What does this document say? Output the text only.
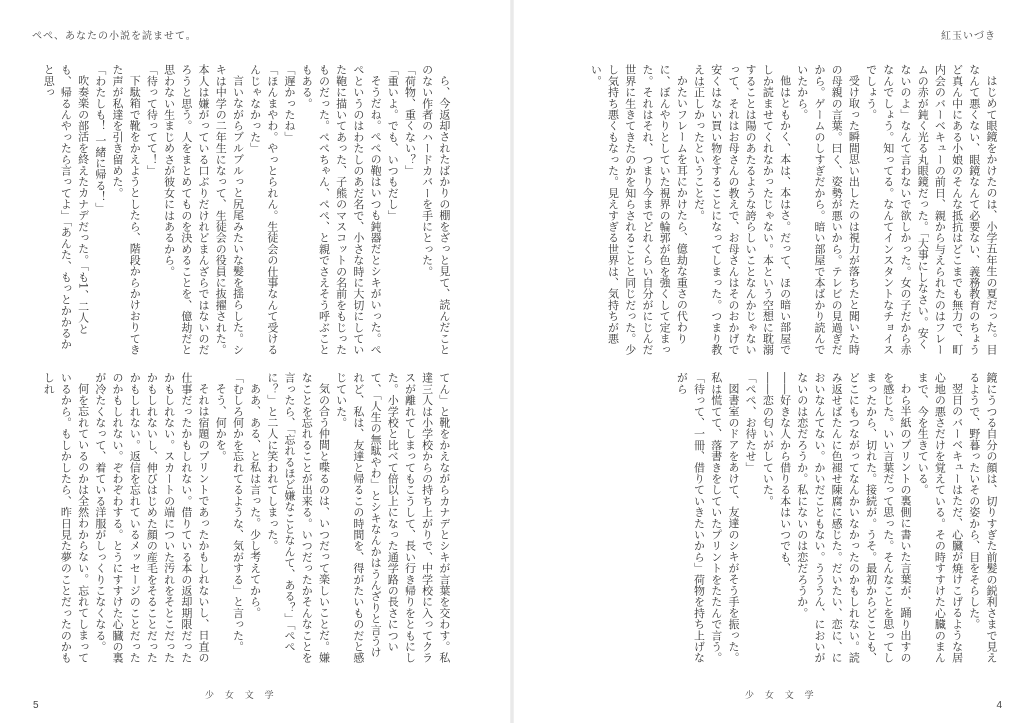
ぺぺ、あなたの小説を読ませて。

ら、今返却されたばかりの棚をざっと見て、読んだことのない作者のハードカバーを手にとった。

「荷物、重くない？」

「重いよ。でも、いつもだし」

そうだね。ぺぺの鞄はいつも鈍器だとシキがいった。ぺぺというのはわたしのあだ名で、小さな時に大切にしていた鞄に描いてあった、子熊のマスコットの名前をもじったものだった。ぺぺちゃん、ぺぺ、と親でさえそう呼ぶこともある。

「遅かったね」

「ほんまやわ。やっとられん。生徒会の仕事なんて受けるんじゃなかった」

言いながらブルブルっと尻尾みたいな髪を揺らした。シキは中学の二年生になって、生徒会の役員に抜擢された。本人は嫌がっている口ぶりだけれどまんざらではないのだろうと思う。人をまとめてものを決めることを、億劫だと思わない生まじめさが彼女にはあるから。

「待って待ってて！」

下駄箱で靴をかえようとしたら、階段からかけおりてきた声が私達を引き留めた。

「わたしも！ 一緒に帰る！」

吹奏楽の部活を終えたカナデだった。「も1、二人とも、帰るんやったら言ってよ」「あんた、もっとかかるかと思っ

てん」と靴をかえながらカナデとシキが言葉を交わす。私達三人は小学校からの持ち上がりで、中学校に入ってクラスが離れてしまってもこうして、長い行き帰りをともにした。小学校と比べて倍以上になった通学路の長さについて、「人生の無駄やわ」とシキなんかはうんざりと言うけれど、私は、友達と帰るこの時間を、得がたいものだと感じていた。

気の合う仲間と喋るのは、いつだって楽しいことだ。嫌なことを忘れることが出来る。いつだったかそんなことを言ったら、「忘れるほど嫌なことなんて、ある？」「ぺぺに？」と二人に笑われてしまった。

ああ、ある、と私は言った。少し考えてから。

「むしろ何かを忘れてるような、気がする」と言った。

そう、何かを。

それは宿題のプリントであったかもしれないし、日直の仕事だったかもしれない。借りている本の返却期限だったかもしれない。スカートの端についた汚れをそとこだったかもしれないし、伸びはじめた顔の産毛をそることだったかもしれない。返信を忘れているメッセージのことだったのかもしれない。ぞわぞわする。とうにすすけた心臓の裏が冷たくなって、着ている洋服がしっくりこなくなる。

何を忘れているのかは全然わからない。忘れてしまっているから。もしかしたら、昨日見た夢のことだったのかもしれ

少 女 文 学
5
紅玉いづき

はじめて眼鏡をかけたのは、小学五年生の夏だった。目なんて悪くない、眼鏡なんて必要ない、義務教育のちょうど真ん中にある小娘のそんな抵抗はどこまでも無力で、町内会のバーベキューの前日、親から与えられたのはフレームの赤が鈍く光る丸眼鏡だった。「大事にしなさい。安くないのよ」なんて言わないで欲しかった。女の子だから赤なんでしょう。知ってる。なんてインスタントなチョイスでしょう。

受け取った瞬間思い出したのは視力が落ちたと聞いた時の母親の言葉。曰く、姿勢が悪いから。テレビの見過ぎだから。ゲームのしすぎだから。暗い部屋で本ばかり読んでいたから。

他はともかく、本は、本はさ。だって、ほの暗い部屋でしか読ませてくれなかったじゃない。本という空想に耽溺することは陽のあたるような誇らしいことなんかじゃないって、それはお母さんの教えで、お母さんはそのおかげで安くはない買い物をすることになってしまった。つまり教えは正しかったということだ。

かたいフレームを耳にかけたら、億劫な重さの代わりに、ぼんやりとしていた視界の輪郭が色を強くして定まった。それはそれ、つまり今までどれくらい自分がにじんだ世界に生きてきたのかを知らされることと同じだった。少し気持ち悪くもなった。見えすぎる世界は、気持ちが悪い。

鏡にうつる自分の顔は、切りすぎた前髪の鋭利さまで見えるようで、野暮ったいその姿から、目をそらした。

翌日のバーベキューはただ、心臓が焼けこげるような居心地の悪さだけを覚えている。その時すすけた心臓のまんまで、今を生きている。

わら半紙のプリントの裏側に書いた言葉が、踊り出すのを感じた。いい言葉だって思った。そんなことを思ってしまったから、切れた。接続が。うそ。最初からどことも、どこにもつながってなんかいなかったのかもしれない。読み返せばたんに色褪せ陳腐に感じた。だいたい、恋に、においなんてない。かいだこともない。うううん、においがないのは恋だろうか。私にないのは恋だろうか。

――好きな人から借りる本はいつでも、

――恋の匂いがしていた。

「ぺぺ、お待たせ」

図書室のドアをあけて、友達のシキがそう手を振った。私は慌てて、落書きをしていたプリントをたたんで言う。

「待って、一冊、借りていきたいから」荷物を持ち上げながら

少 女 文 学
4
